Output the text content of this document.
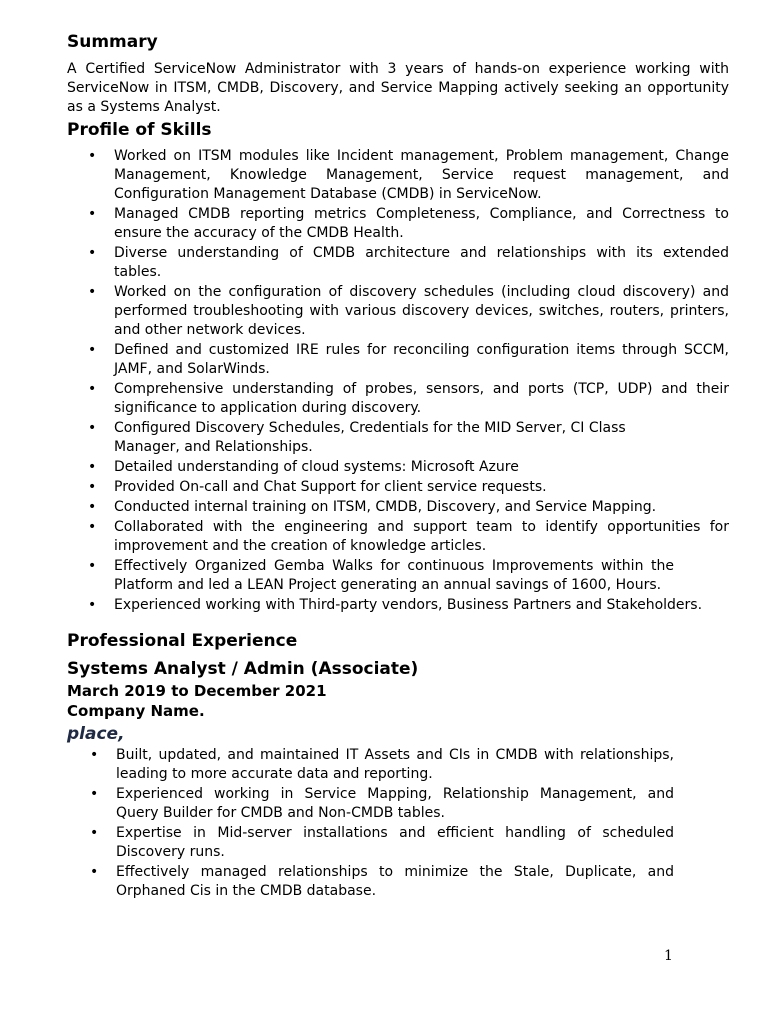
Summary

A Certified ServiceNow Administrator with 3 years of hands-on experience working with ServiceNow in ITSM, CMDB, Discovery, and Service Mapping actively seeking an opportunity as a Systems Analyst.

Profile of Skills
• Worked on ITSM modules like Incident management, Problem management, Change Management, Knowledge Management, Service request management, and Configuration Management Database (CMDB) in ServiceNow.
• Managed CMDB reporting metrics Completeness, Compliance, and Correctness to ensure the accuracy of the CMDB Health.
• Diverse understanding of CMDB architecture and relationships with its extended tables.
• Worked on the configuration of discovery schedules (including cloud discovery) and performed troubleshooting with various discovery devices, switches, routers, printers, and other network devices.
• Defined and customized IRE rules for reconciling configuration items through SCCM, JAMF, and SolarWinds.
• Comprehensive understanding of probes, sensors, and ports (TCP, UDP) and their significance to application during discovery.
• Configured Discovery Schedules, Credentials for the MID Server, CI Class Manager, and Relationships.
• Detailed understanding of cloud systems: Microsoft Azure
• Provided On-call and Chat Support for client service requests.
• Conducted internal training on ITSM, CMDB, Discovery, and Service Mapping.
• Collaborated with the engineering and support team to identify opportunities for improvement and the creation of knowledge articles.
• Effectively Organized Gemba Walks for continuous Improvements within the Platform and led a LEAN Project generating an annual savings of 1600, Hours.
• Experienced working with Third-party vendors, Business Partners and Stakeholders.
Professional Experience
Systems Analyst / Admin (Associate)
March 2019 to December 2021
Company Name.
place,
• Built, updated, and maintained IT Assets and CIs in CMDB with relationships, leading to more accurate data and reporting.
• Experienced working in Service Mapping, Relationship Management, and Query Builder for CMDB and Non-CMDB tables.
• Expertise in Mid-server installations and efficient handling of scheduled Discovery runs.
• Effectively managed relationships to minimize the Stale, Duplicate, and Orphaned Cis in the CMDB database.
1
